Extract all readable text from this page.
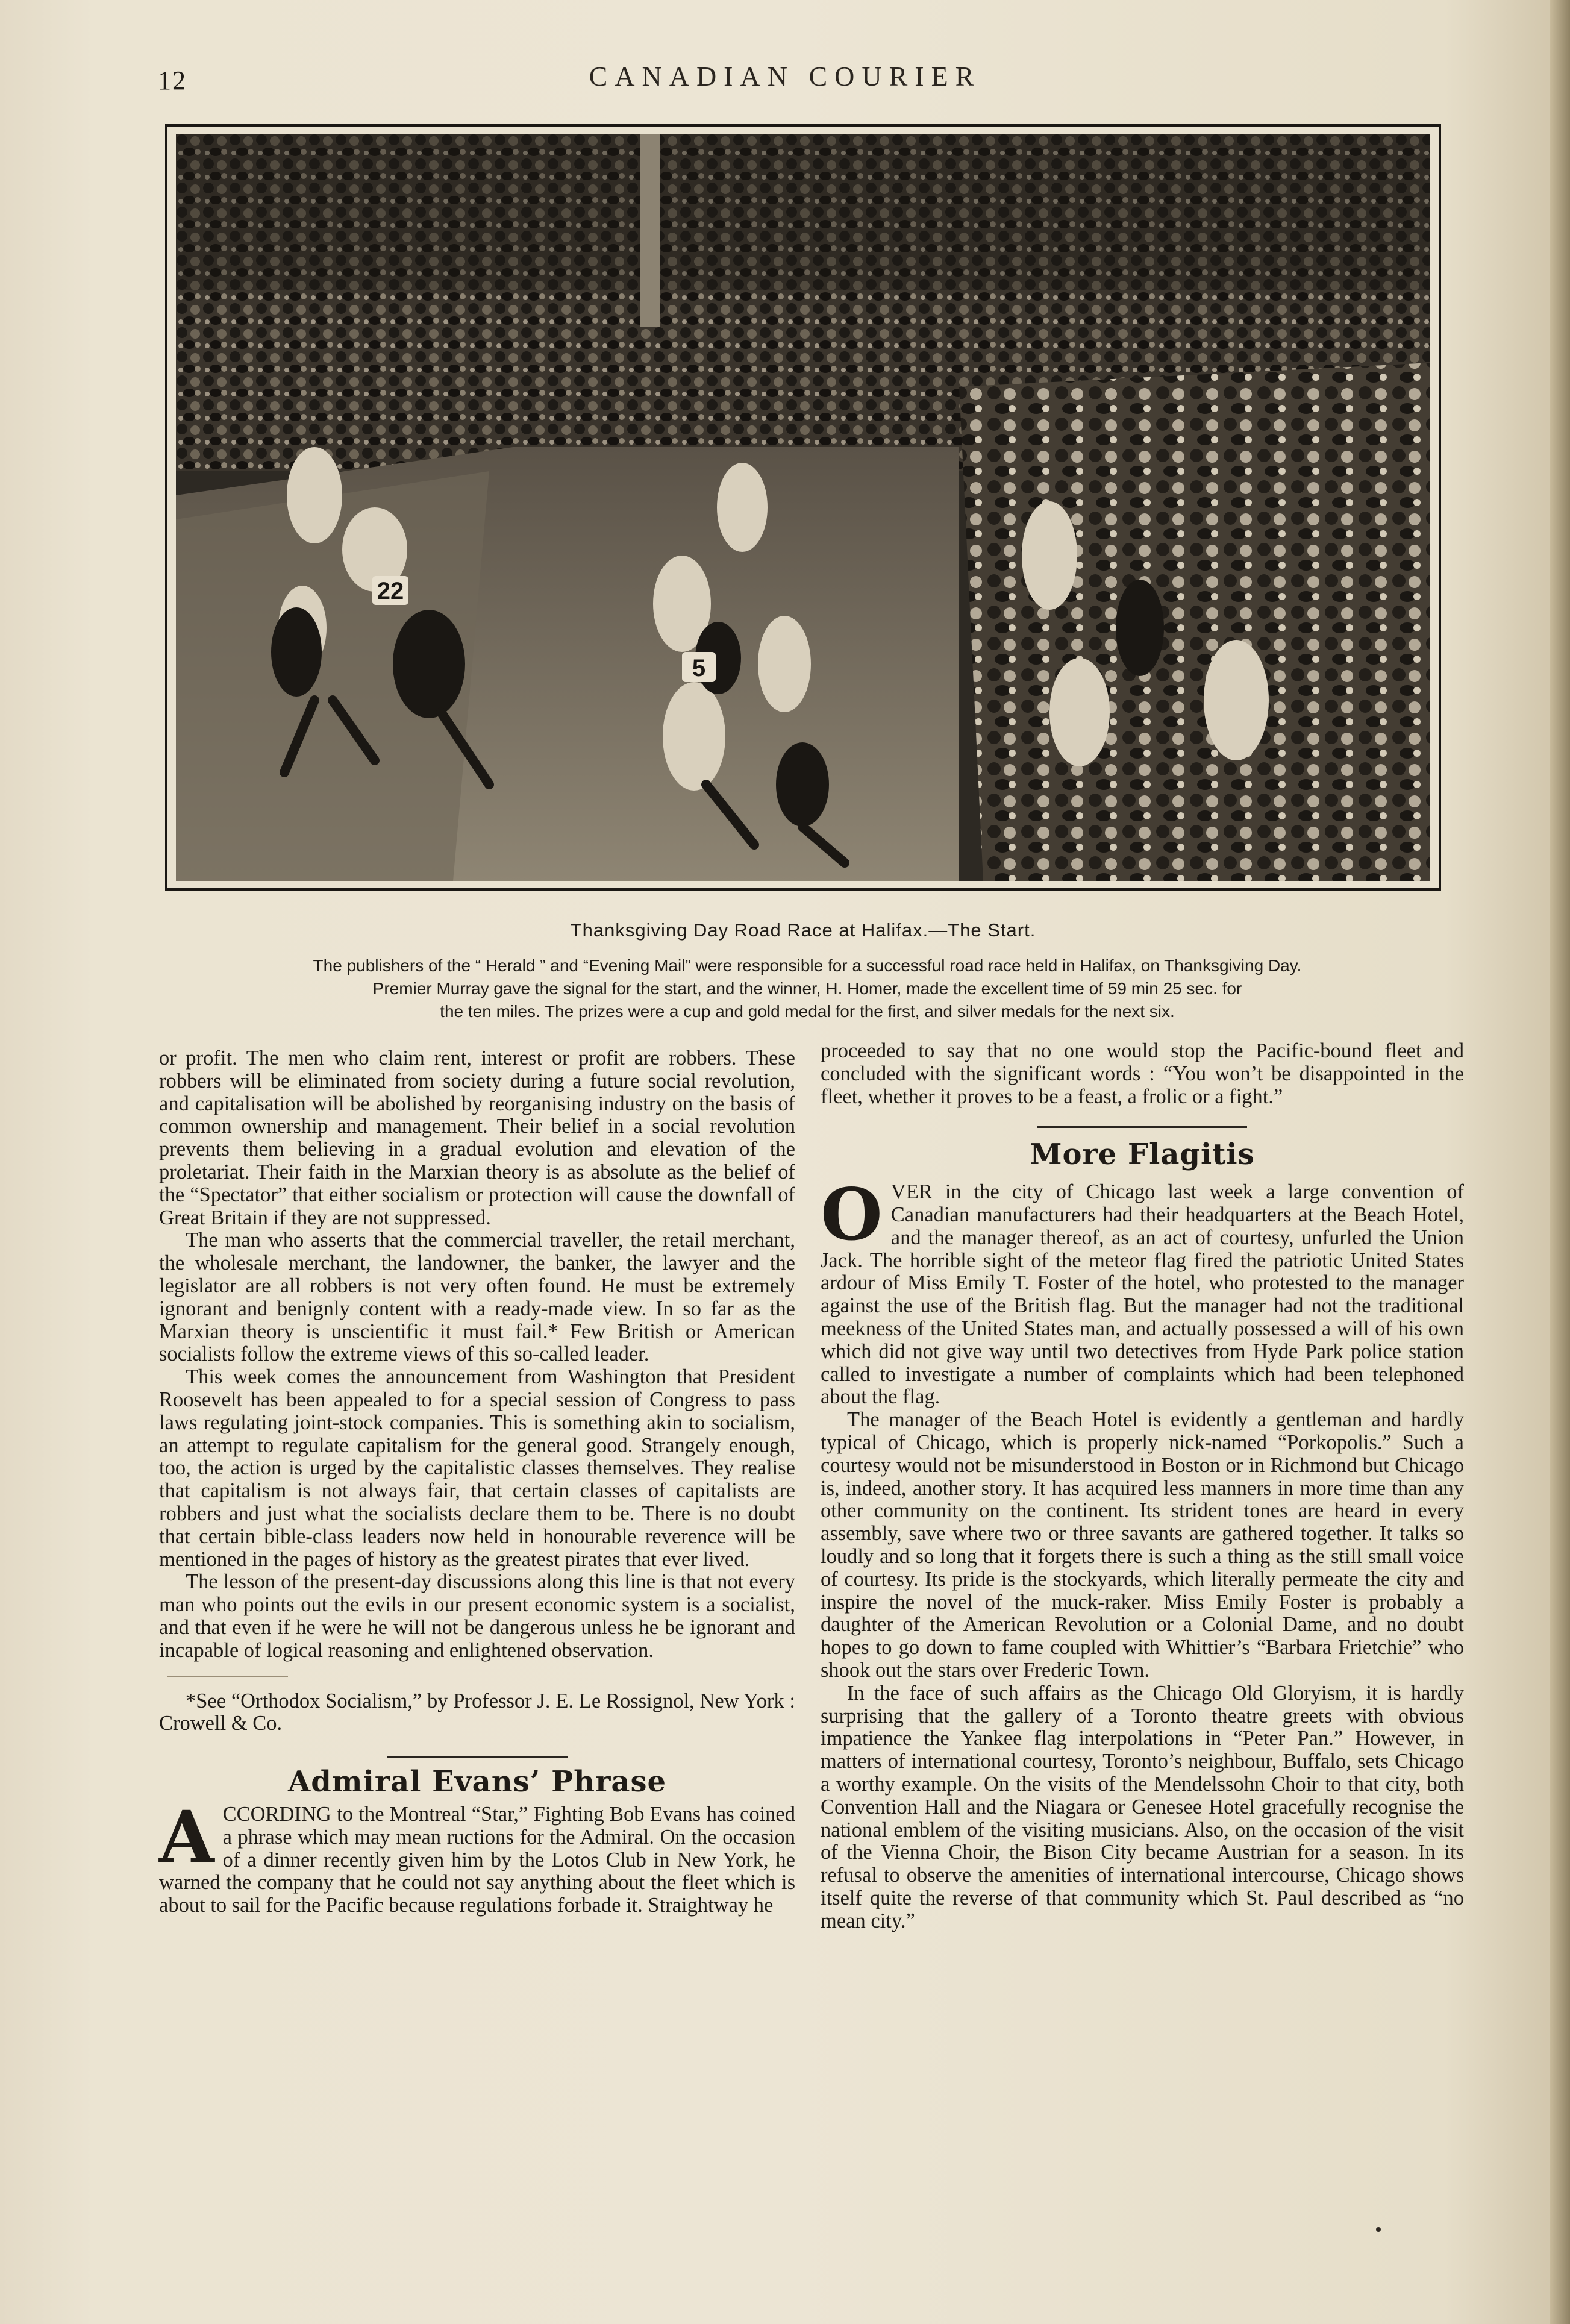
12	CANADIAN COURIER
22
5
Thanksgiving Day Road Race at Halifax.—The Start.
The publishers of the “ Herald ” and “Evening Mail” were responsible for a successful road race held in Halifax, on Thanksgiving Day.
Premier Murray gave the signal for the start, and the winner, H. Homer, made the excellent time of 59 min 25 sec. for
the ten miles. The prizes were a cup and gold medal for the first, and silver medals for the next six.

or profit. The men who claim rent, interest or profit are robbers. These robbers will be eliminated from society during a future social revolution, and capitalisation will be abolished by reorganising industry on the basis of common ownership and management. Their belief in a social revolution prevents them believing in a gradual evolution and elevation of the proletariat. Their faith in the Marxian theory is as absolute as the belief of the “Spectator” that either socialism or protection will cause the downfall of Great Britain if they are not suppressed.

The man who asserts that the commercial traveller, the retail merchant, the wholesale merchant, the landowner, the banker, the lawyer and the legislator are all robbers is not very often found. He must be extremely ignorant and benignly content with a ready-made view. In so far as the Marxian theory is unscientific it must fail.* Few British or American socialists follow the extreme views of this so-called leader.

This week comes the announcement from Washington that President Roosevelt has been appealed to for a special session of Congress to pass laws regulating joint-stock companies. This is something akin to socialism, an attempt to regulate capitalism for the general good. Strangely enough, too, the action is urged by the capitalistic classes themselves. They realise that capitalism is not always fair, that certain classes of capitalists are robbers and just what the socialists declare them to be. There is no doubt that certain bible-class leaders now held in honourable reverence will be mentioned in the pages of history as the greatest pirates that ever lived.

The lesson of the present-day discussions along this line is that not every man who points out the evils in our present economic system is a socialist, and that even if he were he will not be dangerous unless he be ignorant and incapable of logical reasoning and enlightened observation.

*See “Orthodox Socialism,” by Professor J. E. Le Rossignol, New York : Crowell & Co.

Admiral Evans’ Phrase

ACCORDING to the Montreal “Star,” Fighting Bob Evans has coined a phrase which may mean ructions for the Admiral. On the occasion of a dinner recently given him by the Lotos Club in New York, he warned the company that he could not say anything about the fleet which is about to sail for the Pacific because regulations forbade it. Straightway he

proceeded to say that no one would stop the Pacific-bound fleet and concluded with the significant words : “You won’t be disappointed in the fleet, whether it proves to be a feast, a frolic or a fight.”

More Flagitis

OVER in the city of Chicago last week a large convention of Canadian manufacturers had their headquarters at the Beach Hotel, and the manager thereof, as an act of courtesy, unfurled the Union Jack. The horrible sight of the meteor flag fired the patriotic United States ardour of Miss Emily T. Foster of the hotel, who protested to the manager against the use of the British flag. But the manager had not the traditional meekness of the United States man, and actually possessed a will of his own which did not give way until two detectives from Hyde Park police station called to investigate a number of complaints which had been telephoned about the flag.

The manager of the Beach Hotel is evidently a gentleman and hardly typical of Chicago, which is properly nick-named “Porkopolis.” Such a courtesy would not be misunderstood in Boston or in Richmond but Chicago is, indeed, another story. It has acquired less manners in more time than any other community on the continent. Its strident tones are heard in every assembly, save where two or three savants are gathered together. It talks so loudly and so long that it forgets there is such a thing as the still small voice of courtesy. Its pride is the stockyards, which literally permeate the city and inspire the novel of the muck-raker. Miss Emily Foster is probably a daughter of the American Revolution or a Colonial Dame, and no doubt hopes to go down to fame coupled with Whittier’s “Barbara Frietchie” who shook out the stars over Frederic Town.

In the face of such affairs as the Chicago Old Gloryism, it is hardly surprising that the gallery of a Toronto theatre greets with obvious impatience the Yankee flag interpolations in “Peter Pan.” However, in matters of international courtesy, Toronto’s neighbour, Buffalo, sets Chicago a worthy example. On the visits of the Mendelssohn Choir to that city, both Convention Hall and the Niagara or Genesee Hotel gracefully recognise the national emblem of the visiting musicians. Also, on the occasion of the visit of the Vienna Choir, the Bison City became Austrian for a season. In its refusal to observe the amenities of international intercourse, Chicago shows itself quite the reverse of that community which St. Paul described as “no mean city.”
